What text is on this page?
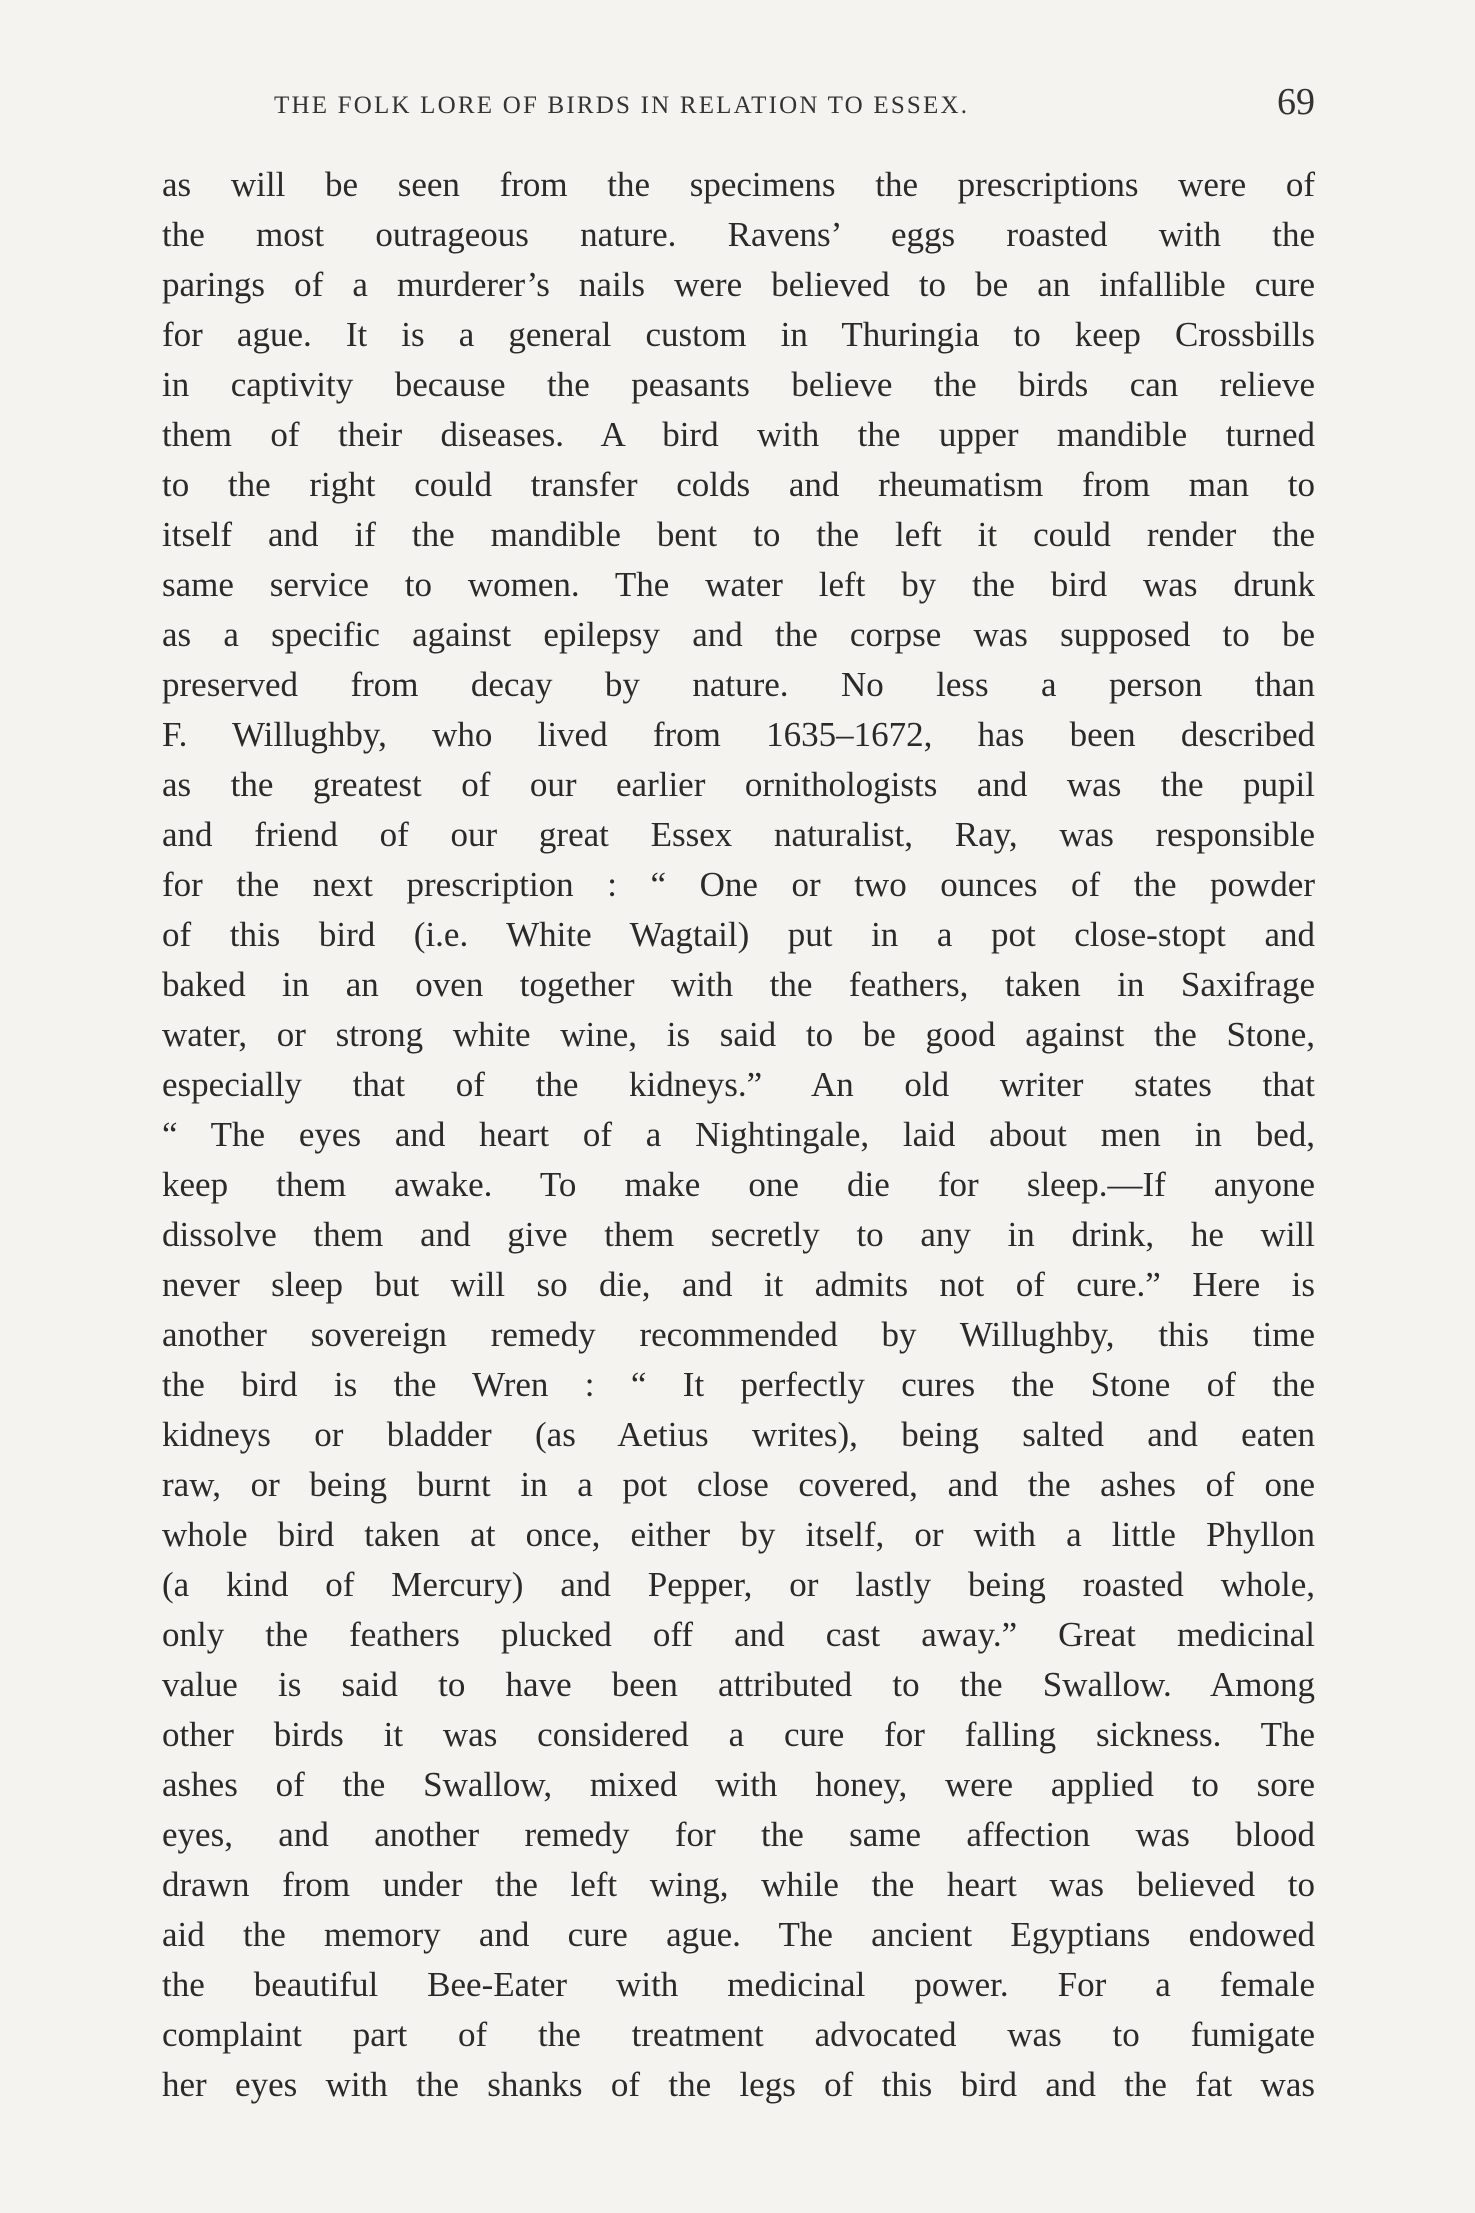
THE FOLK LORE OF BIRDS IN RELATION TO ESSEX.	69
as will be seen from the specimens the prescriptions were of
the most outrageous nature. Ravens’ eggs roasted with the
parings of a murderer’s nails were believed to be an infallible cure
for ague. It is a general custom in Thuringia to keep Crossbills
in captivity because the peasants believe the birds can relieve
them of their diseases. A bird with the upper mandible turned
to the right could transfer colds and rheumatism from man to
itself and if the mandible bent to the left it could render the
same service to women. The water left by the bird was drunk
as a specific against epilepsy and the corpse was supposed to be
preserved from decay by nature. No less a person than
F. Willughby, who lived from 1635–1672, has been described
as the greatest of our earlier ornithologists and was the pupil
and friend of our great Essex naturalist, Ray, was responsible
for the next prescription : “ One or two ounces of the powder
of this bird (i.e. White Wagtail) put in a pot close-stopt and
baked in an oven together with the feathers, taken in Saxifrage
water, or strong white wine, is said to be good against the Stone,
especially that of the kidneys.” An old writer states that
“ The eyes and heart of a Nightingale, laid about men in bed,
keep them awake. To make one die for sleep.—If anyone
dissolve them and give them secretly to any in drink, he will
never sleep but will so die, and it admits not of cure.” Here is
another sovereign remedy recommended by Willughby, this time
the bird is the Wren : “ It perfectly cures the Stone of the
kidneys or bladder (as Aetius writes), being salted and eaten
raw, or being burnt in a pot close covered, and the ashes of one
whole bird taken at once, either by itself, or with a little Phyllon
(a kind of Mercury) and Pepper, or lastly being roasted whole,
only the feathers plucked off and cast away.” Great medicinal
value is said to have been attributed to the Swallow. Among
other birds it was considered a cure for falling sickness. The
ashes of the Swallow, mixed with honey, were applied to sore
eyes, and another remedy for the same affection was blood
drawn from under the left wing, while the heart was believed to
aid the memory and cure ague. The ancient Egyptians endowed
the beautiful Bee-Eater with medicinal power. For a female
complaint part of the treatment advocated was to fumigate
her eyes with the shanks of the legs of this bird and the fat was
